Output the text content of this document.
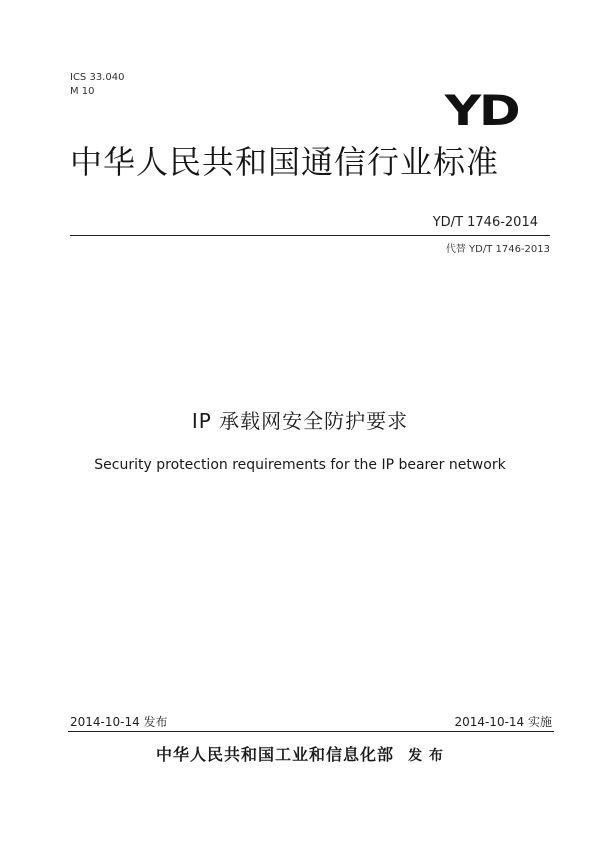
ICS 33.040
M 10	YD
中华人民共和国通信行业标准
YD/T 1746-2014
代替 YD/T 1746-2013
IP 承载网安全防护要求
Security protection requirements for the IP bearer network
2014-10-14 发布	2014-10-14 实施
中华人民共和国工业和信息化部 发 布
